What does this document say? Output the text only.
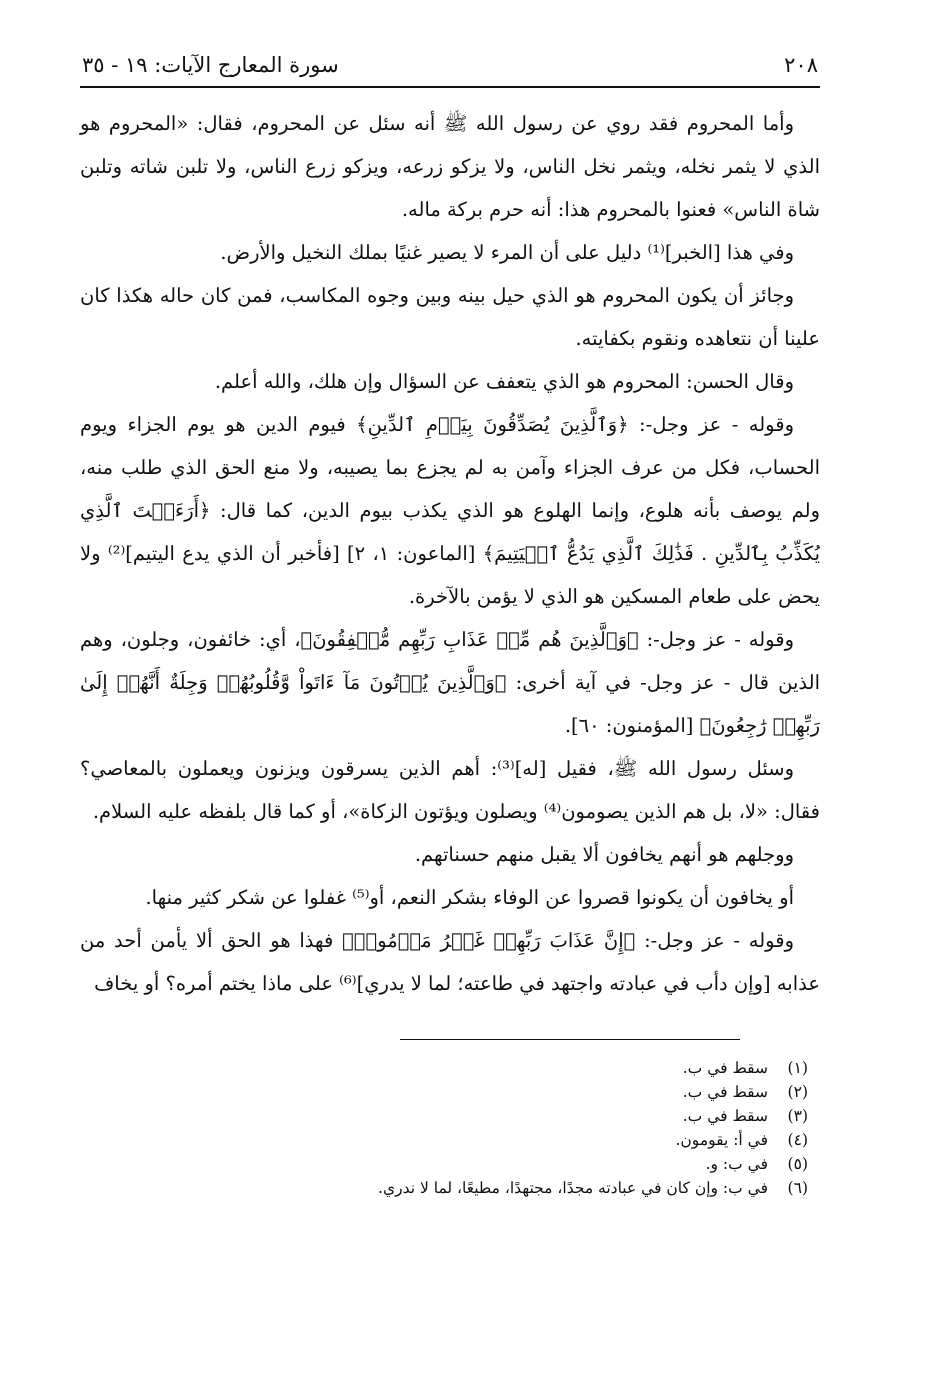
٢٠٨
سورة المعارج الآيات: ١٩ - ٣٥

وأما المحروم فقد روي عن رسول الله ﷺ أنه سئل عن المحروم، فقال: «المحروم هو الذي لا يثمر نخله، ويثمر نخل الناس، ولا يزكو زرعه، ويزكو زرع الناس، ولا تلبن شاته وتلبن شاة الناس» فعنوا بالمحروم هذا: أنه حرم بركة ماله.

وفي هذا [الخبر]⁽¹⁾ دليل على أن المرء لا يصير غنيًا بملك النخيل والأرض.

وجائز أن يكون المحروم هو الذي حيل بينه وبين وجوه المكاسب، فمن كان حاله هكذا كان علينا أن نتعاهده ونقوم بكفايته.

وقال الحسن: المحروم هو الذي يتعفف عن السؤال وإن هلك، والله أعلم.

وقوله - عز وجل-: ﴿وَٱلَّذِينَ يُصَدِّقُونَ بِيَوۡمِ ٱلدِّينِ﴾ فيوم الدين هو يوم الجزاء ويوم الحساب، فكل من عرف الجزاء وآمن به لم يجزع بما يصيبه، ولا منع الحق الذي طلب منه، ولم يوصف بأنه هلوع، وإنما الهلوع هو الذي يكذب بيوم الدين، كما قال: ﴿أَرَءَيۡتَ ٱلَّذِي يُكَذِّبُ بِٱلدِّينِ . فَذَٰلِكَ ٱلَّذِي يَدُعُّ ٱلۡيَتِيمَ﴾ [الماعون: ١، ٢] [فأخبر أن الذي يدع اليتيم]⁽²⁾ ولا يحض على طعام المسكين هو الذي لا يؤمن بالآخرة.

وقوله - عز وجل-: ﴿وَٱلَّذِينَ هُم مِّنۡ عَذَابِ رَبِّهِم مُّشۡفِقُونَ﴾، أي: خائفون، وجلون، وهم الذين قال - عز وجل- في آية أخرى: ﴿وَٱلَّذِينَ يُؤۡتُونَ مَآ ءَاتَواْ وَّقُلُوبُهُمۡ وَجِلَةٌ أَنَّهُمۡ إِلَىٰ رَبِّهِمۡ رَٰجِعُونَ﴾ [المؤمنون: ٦٠].

وسئل رسول الله ﷺ، فقيل [له]⁽³⁾: أهم الذين يسرقون ويزنون ويعملون بالمعاصي؟ فقال: «لا، بل هم الذين يصومون⁽⁴⁾ ويصلون ويؤتون الزكاة»، أو كما قال بلفظه عليه السلام.

ووجلهم هو أنهم يخافون ألا يقبل منهم حسناتهم.

أو يخافون أن يكونوا قصروا عن الوفاء بشكر النعم، أو⁽⁵⁾ غفلوا عن شكر كثير منها.

وقوله - عز وجل-: ﴿إِنَّ عَذَابَ رَبِّهِمۡ غَيۡرُ مَأۡمُونٖ﴾ فهذا هو الحق ألا يأمن أحد من عذابه [وإن دأب في عبادته واجتهد في طاعته؛ لما لا يدري]⁽⁶⁾ على ماذا يختم أمره؟ أو يخاف

(١)
سقط في ب.
(٢)
سقط في ب.
(٣)
سقط في ب.
(٤)
في أ: يقومون.
(٥)
في ب: و.
(٦)
في ب: وإن كان في عبادته مجدًا، مجتهدًا، مطيعًا، لما لا ندري.
